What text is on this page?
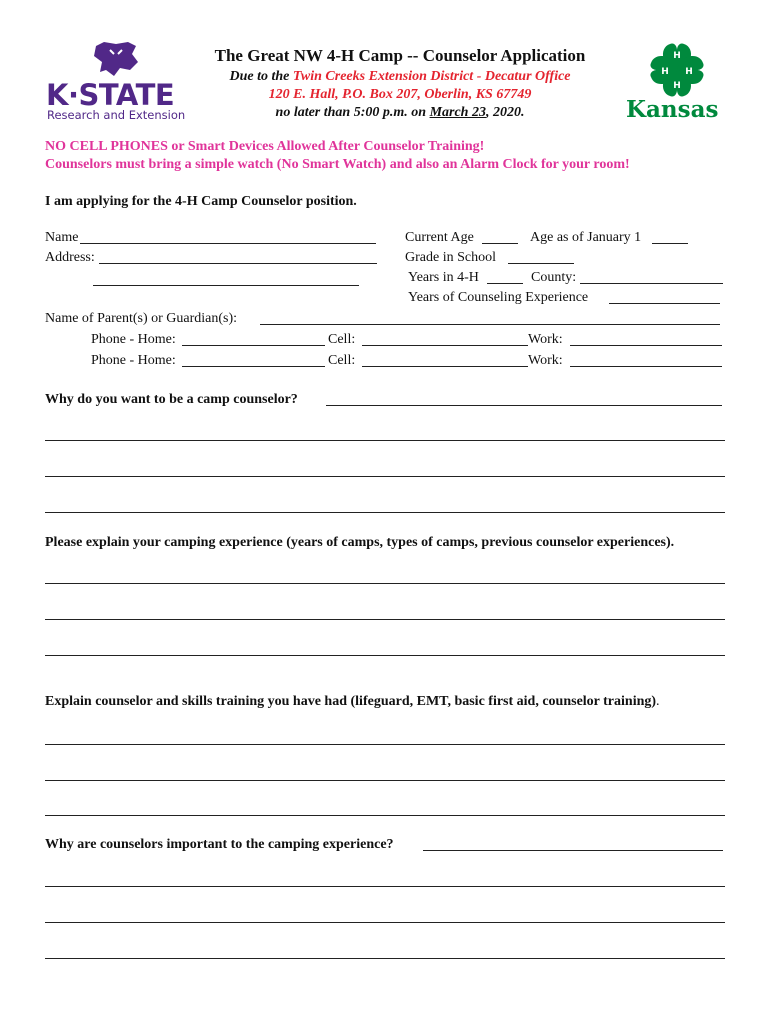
K·STATE
Research and Extension
H
H H
H
Kansas
The Great NW 4-H Camp -- Counselor Application
Due to the Twin Creeks Extension District - Decatur Office
120 E. Hall, P.O. Box 207, Oberlin, KS 67749
no later than 5:00 p.m. on March 23, 2020.
NO CELL PHONES or Smart Devices Allowed After Counselor Training!
Counselors must bring a simple watch (No Smart Watch) and also an Alarm Clock for your room!
I am applying for the 4-H Camp Counselor position.
Name
Address:
Current Age	Age as of January 1
Grade in School
Years in 4-H	County:
Years of Counseling Experience
Name of Parent(s) or Guardian(s):
Phone - Home:	Cell:	Work:
Phone - Home:	Cell:	Work:
Why do you want to be a camp counselor?
Please explain your camping experience (years of camps, types of camps, previous counselor experiences).
Explain counselor and skills training you have had (lifeguard, EMT, basic first aid, counselor training).
Why are counselors important to the camping experience?
